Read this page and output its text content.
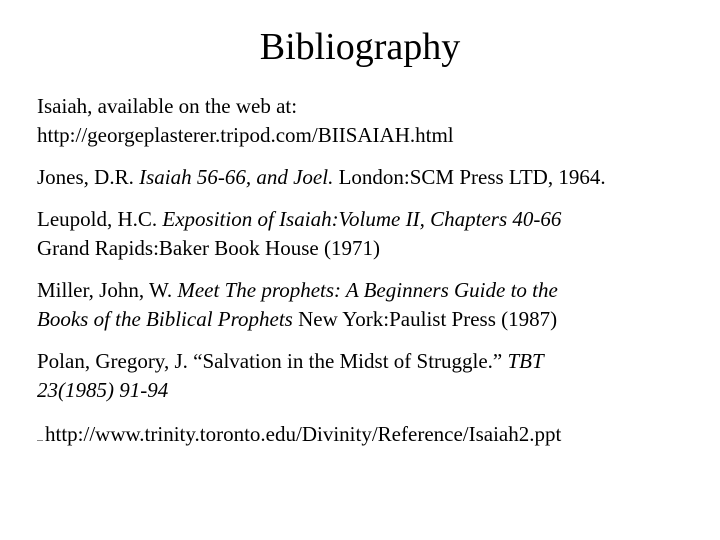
Bibliography
Isaiah, available on the web at:
http://georgeplasterer.tripod.com/BIISAIAH.html
Jones, D.R. Isaiah 56-66, and Joel. London:SCM Press LTD, 1964.
Leupold, H.C. Exposition of Isaiah:Volume II, Chapters 40-66
Grand Rapids:Baker Book House (1971)
Miller, John, W. Meet The prophets: A Beginners Guide to the
Books of the Biblical Prophets New York:Paulist Press (1987)
Polan, Gregory, J. “Salvation in the Midst of Struggle.” TBT
23(1985) 91-94
http://www.trinity.toronto.edu/Divinity/Reference/Isaiah2.ppt
